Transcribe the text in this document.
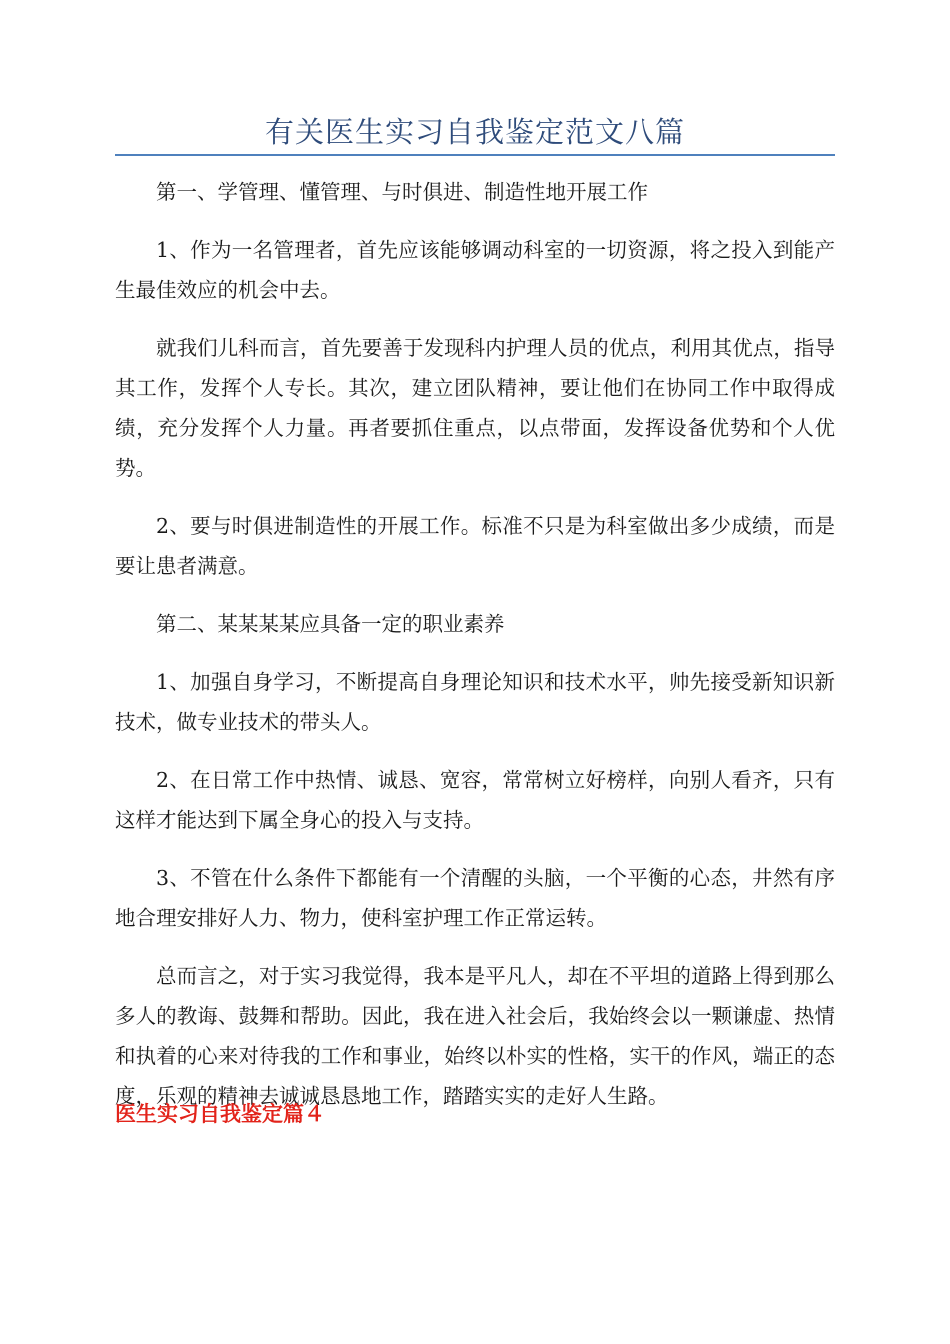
有关医生实习自我鉴定范文八篇

第一、学管理、懂管理、与时俱进、制造性地开展工作

1、作为一名管理者，首先应该能够调动科室的一切资源，将之投入到能产生最佳效应的机会中去。

就我们儿科而言，首先要善于发现科内护理人员的优点，利用其优点，指导其工作，发挥个人专长。其次，建立团队精神，要让他们在协同工作中取得成绩，充分发挥个人力量。再者要抓住重点，以点带面，发挥设备优势和个人优势。

2、要与时俱进制造性的开展工作。标准不只是为科室做出多少成绩，而是要让患者满意。

第二、某某某某应具备一定的职业素养

1、加强自身学习，不断提高自身理论知识和技术水平，帅先接受新知识新技术，做专业技术的带头人。

2、在日常工作中热情、诚恳、宽容，常常树立好榜样，向别人看齐，只有这样才能达到下属全身心的投入与支持。

3、不管在什么条件下都能有一个清醒的头脑，一个平衡的心态，井然有序地合理安排好人力、物力，使科室护理工作正常运转。

总而言之，对于实习我觉得，我本是平凡人，却在不平坦的道路上得到那么多人的教诲、鼓舞和帮助。因此，我在进入社会后，我始终会以一颗谦虚、热情和执着的心来对待我的工作和事业，始终以朴实的性格，实干的作风，端正的态度，乐观的精神去诚诚恳恳地工作，踏踏实实的走好人生路。

医生实习自我鉴定篇４
